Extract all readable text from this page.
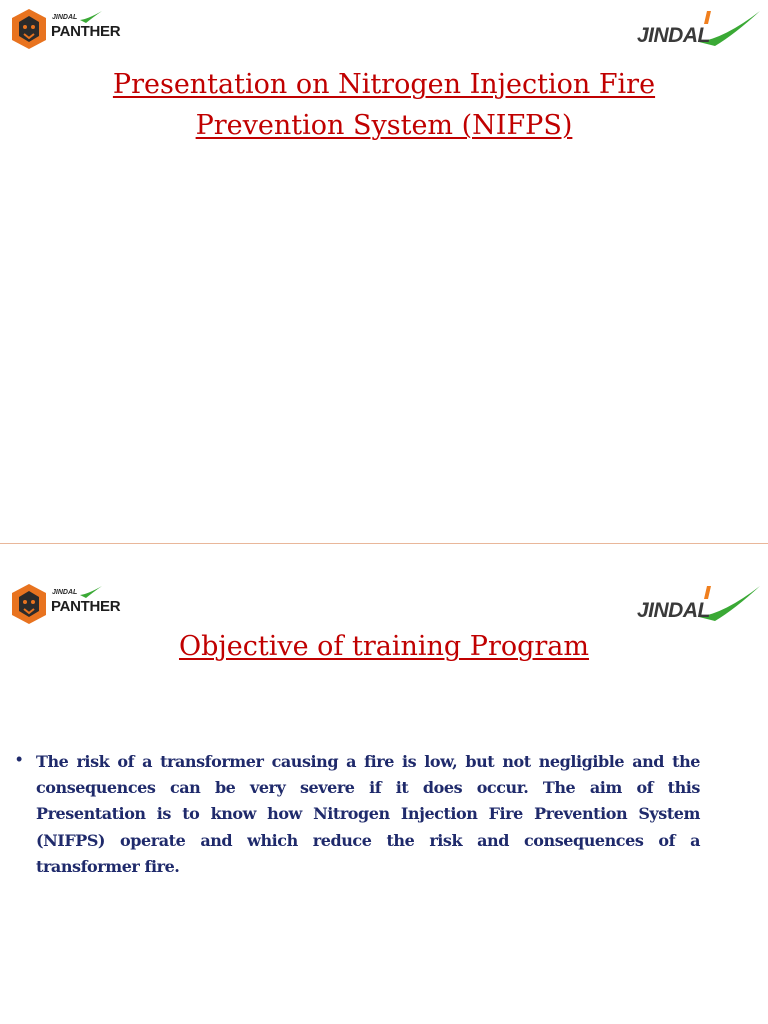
JINDAL
PANTHER	JINDAL
Presentation on Nitrogen Injection Fire Prevention System (NIFPS)
JINDAL
PANTHER	JINDAL
Objective of training Program
• The risk of a transformer causing a fire is low, but not negligible and the consequences can be very severe if it does occur. The aim of this Presentation is to know how Nitrogen Injection Fire Prevention System (NIFPS) operate and which reduce the risk and consequences of a transformer fire.
